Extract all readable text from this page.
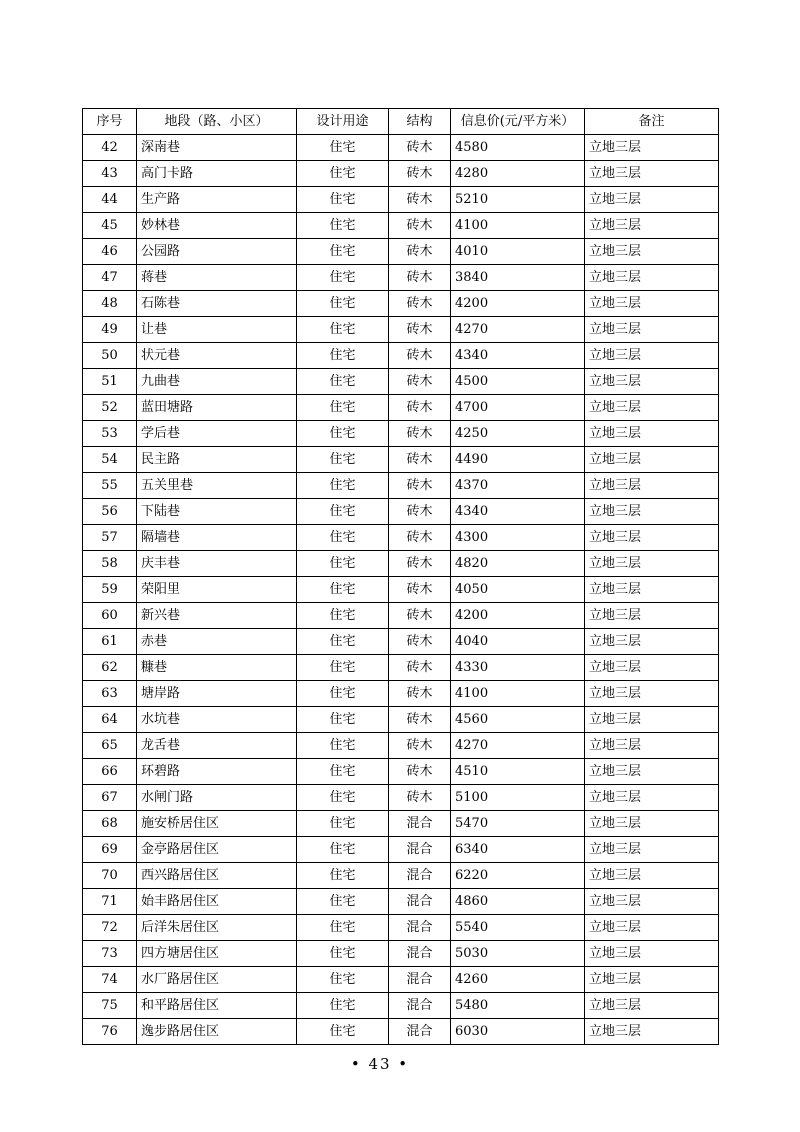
序号	地段（路、小区）	设计用途	结构	信息价(元/平方米）	备注
42	深南巷	住宅	砖木	4580	立地三层
43	高门卡路	住宅	砖木	4280	立地三层
44	生产路	住宅	砖木	5210	立地三层
45	妙林巷	住宅	砖木	4100	立地三层
46	公园路	住宅	砖木	4010	立地三层
47	蒋巷	住宅	砖木	3840	立地三层
48	石陈巷	住宅	砖木	4200	立地三层
49	让巷	住宅	砖木	4270	立地三层
50	状元巷	住宅	砖木	4340	立地三层
51	九曲巷	住宅	砖木	4500	立地三层
52	蓝田塘路	住宅	砖木	4700	立地三层
53	学后巷	住宅	砖木	4250	立地三层
54	民主路	住宅	砖木	4490	立地三层
55	五关里巷	住宅	砖木	4370	立地三层
56	下陆巷	住宅	砖木	4340	立地三层
57	隔墙巷	住宅	砖木	4300	立地三层
58	庆丰巷	住宅	砖木	4820	立地三层
59	荣阳里	住宅	砖木	4050	立地三层
60	新兴巷	住宅	砖木	4200	立地三层
61	赤巷	住宅	砖木	4040	立地三层
62	糠巷	住宅	砖木	4330	立地三层
63	塘岸路	住宅	砖木	4100	立地三层
64	水坑巷	住宅	砖木	4560	立地三层
65	龙舌巷	住宅	砖木	4270	立地三层
66	环碧路	住宅	砖木	4510	立地三层
67	水闸门路	住宅	砖木	5100	立地三层
68	施安桥居住区	住宅	混合	5470	立地三层
69	金亭路居住区	住宅	混合	6340	立地三层
70	西兴路居住区	住宅	混合	6220	立地三层
71	始丰路居住区	住宅	混合	4860	立地三层
72	后洋朱居住区	住宅	混合	5540	立地三层
73	四方塘居住区	住宅	混合	5030	立地三层
74	水厂路居住区	住宅	混合	4260	立地三层
75	和平路居住区	住宅	混合	5480	立地三层
76	逸步路居住区	住宅	混合	6030	立地三层
• 43 •
